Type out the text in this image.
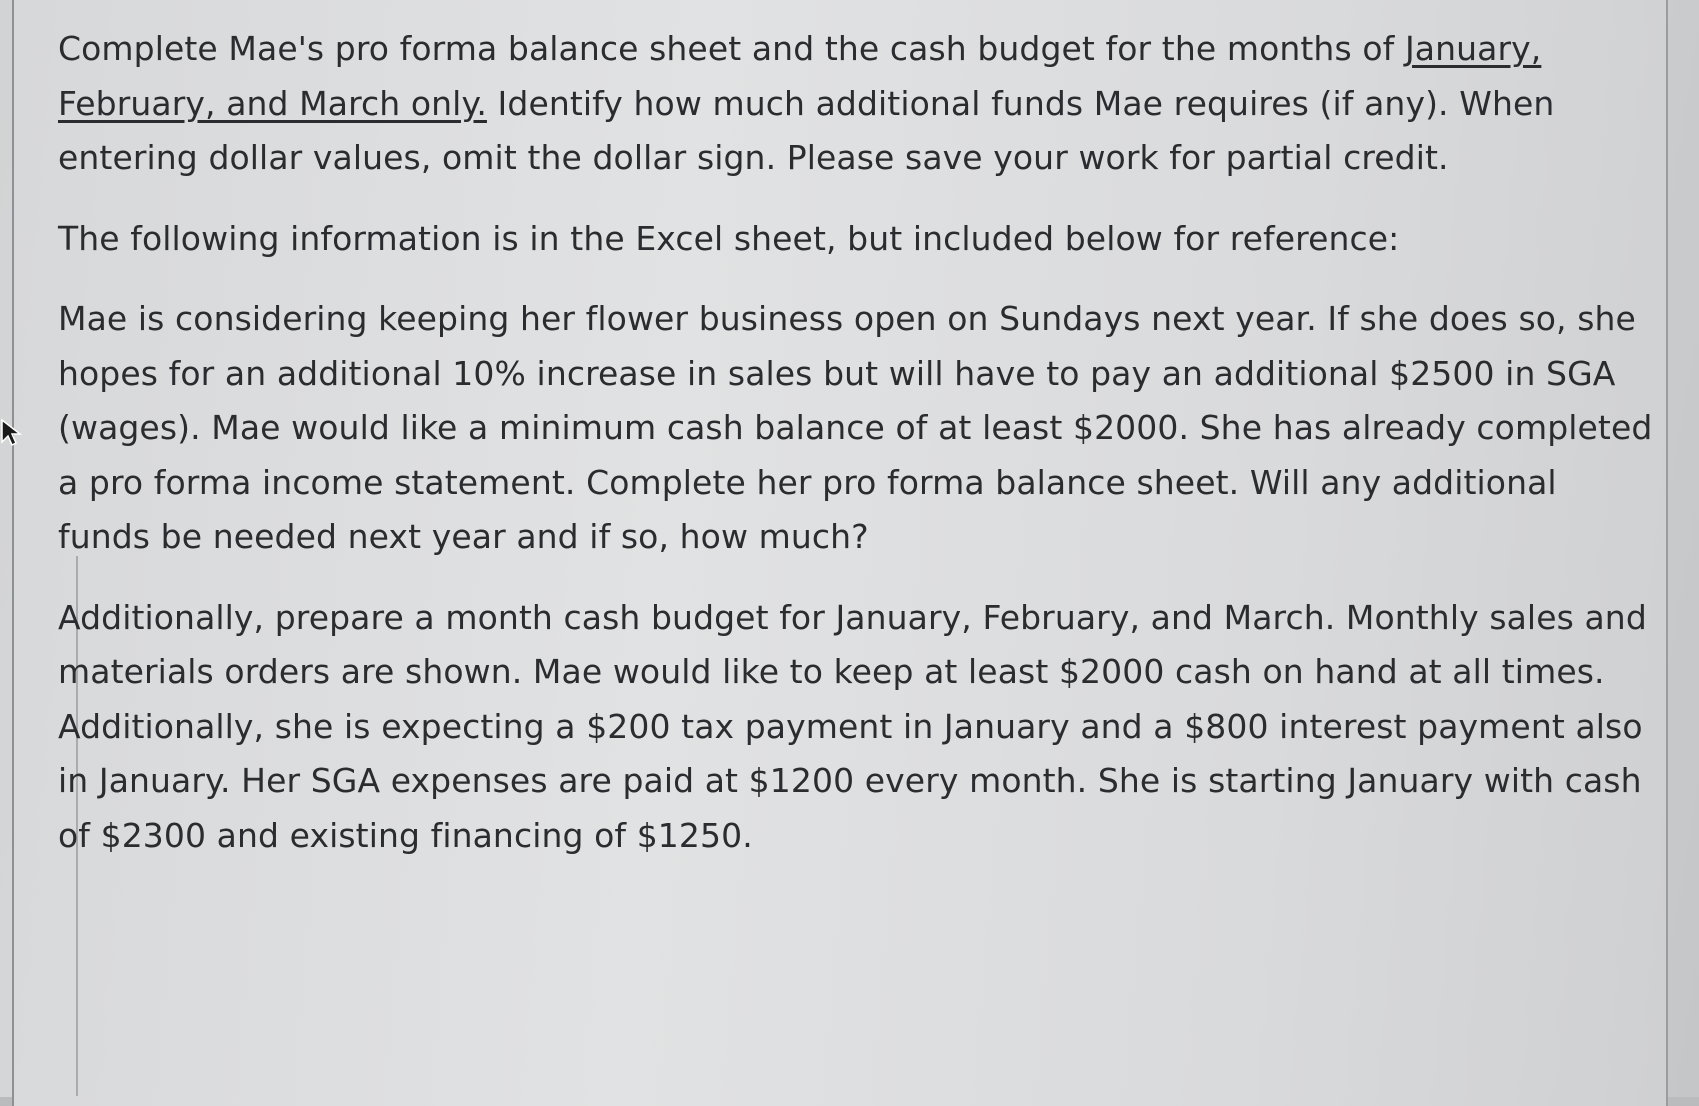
Complete Mae's pro forma balance sheet and the cash budget for the months of January,
February, and March only. Identify how much additional funds Mae requires (if any). When
entering dollar values, omit the dollar sign. Please save your work for partial credit.

The following information is in the Excel sheet, but included below for reference:

Mae is considering keeping her flower business open on Sundays next year. If she does so, she
hopes for an additional 10% increase in sales but will have to pay an additional $2500 in SGA
(wages). Mae would like a minimum cash balance of at least $2000. She has already completed
a pro forma income statement. Complete her pro forma balance sheet. Will any additional
funds be needed next year and if so, how much?

Additionally, prepare a month cash budget for January, February, and March. Monthly sales and
materials orders are shown. Mae would like to keep at least $2000 cash on hand at all times.
Additionally, she is expecting a $200 tax payment in January and a $800 interest payment also
in January. Her SGA expenses are paid at $1200 every month. She is starting January with cash
of $2300 and existing financing of $1250.
